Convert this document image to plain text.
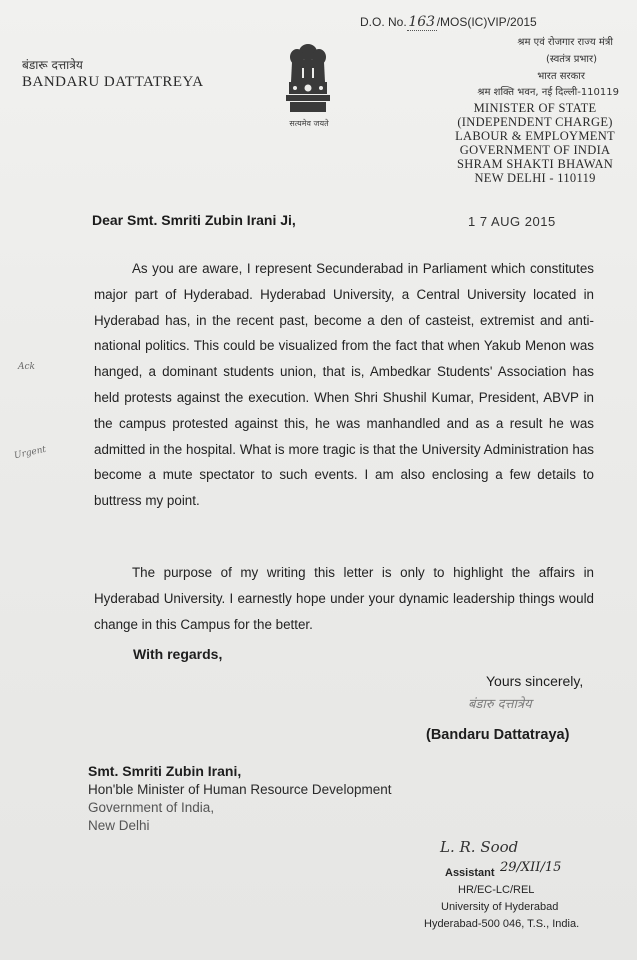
बंडारू दत्तात्रेय
BANDARU DATTATREYA
सत्यमेव जयते
D.O. No. 163 /MOS(IC)VIP/2015
श्रम एवं रोजगार राज्य मंत्री
(स्वतंत्र प्रभार)
भारत सरकार
श्रम शक्ति भवन, नई दिल्ली-110119
MINISTER OF STATE
(INDEPENDENT CHARGE)
LABOUR & EMPLOYMENT
GOVERNMENT OF INDIA
SHRAM SHAKTI BHAWAN
NEW DELHI - 110119
Dear Smt. Smriti Zubin Irani Ji,	1 7 AUG 2015
Ack
Urgent

As you are aware, I represent Secunderabad in Parliament which constitutes major part of Hyderabad. Hyderabad University, a Central University located in Hyderabad has, in the recent past, become a den of casteist, extremist and anti-national politics. This could be visualized from the fact that when Yakub Menon was hanged, a dominant students union, that is, Ambedkar Students' Association has held protests against the execution. When Shri Shushil Kumar, President, ABVP in the campus protested against this, he was manhandled and as a result he was admitted in the hospital. What is more tragic is that the University Administration has become a mute spectator to such events. I am also enclosing a few details to buttress my point.

The purpose of my writing this letter is only to highlight the affairs in Hyderabad University. I earnestly hope under your dynamic leadership things would change in this Campus for the better.

With regards,
Yours sincerely,
बंडारु दत्तात्रेय
(Bandaru Dattatraya)
Smt. Smriti Zubin Irani,
Hon'ble Minister of Human Resource Development
Government of India,
New Delhi
L. R. Sood
Assistant 29/XII/15
HR/EC-LC/REL
University of Hyderabad
Hyderabad-500 046, T.S., India.
